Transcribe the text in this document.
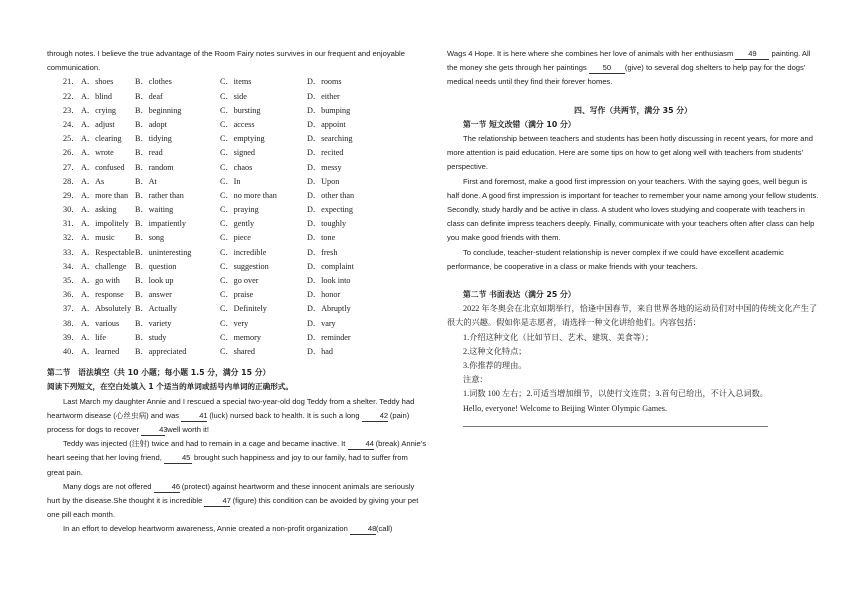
through notes. I believe the true advantage of the Room Fairy notes survives in our frequent and enjoyable communication.

21． A．shoes	B．clothes	C．items	D．rooms
22． A．blind	B．deaf	C．side	D．either
23． A．crying B．beginning	C．bursting	D．bumping
24． A．adjust B．adopt	C．access	D．appoint
25． A．clearing B．tidying	C．emptying	D．searching
26． A．wrote	B．read	C．signed	D．recited
27． A．confused B．random	C．chaos	D．messy
28． A．As	B．At	C．In	D．Upon
29． A．more than B．rather than	C．no more than	D．other than
30． A．asking B．waiting	C．praying	D．expecting
31． A．impolitely B．impatiently	C．gently	D．toughly
32． A．music B．song	C．piece	D．tone
33． A．Respectable B．uninteresting	C．incredible	D．fresh
34． A．challenge B．question	C．suggestion	D．complaint
35． A．go with B．look up	C．go over	D．look into
36． A．response B．answer	C．praise	D．honor
37． A．Absolutely B．Actually	C．Definitely	D．Abruptly
38． A．various B．variety	C．very	D．vary
39． A．life	B．study	C．memory	D．reminder
40． A．learned B．appreciated	C．shared	D．had

第二节　语法填空（共 10 小题；每小题 1.5 分，满分 15 分）

阅读下列短文，在空白处填入 1 个适当的单词或括号内单词的正确形式。

Last March my daughter Annie and I rescued a special two-year-old dog Teddy from a shelter. Teddy had heartworm disease (心丝虫病) and was 41 (luck) nursed back to health. It is such a long 42 (pain) process for dogs to recover 43 well worth it!

Teddy was injected (注射) twice and had to remain in a cage and became inactive. It 44 (break) Annie’s heart seeing that her loving friend, 45 brought such happiness and joy to our family, had to suffer from great pain.

Many dogs are not offered 46 (protect) against heartworm and these innocent animals are seriously hurt by the disease.She thought it is incredible 47 (figure) this condition can be avoided by giving your pet one pill each month.

In an effort to develop heartworm awareness, Annie created a non-profit organization 48(call)

Wags 4 Hope. It is here where she combines her love of animals with her enthusiasm 49 painting. All the money she gets through her paintings 50 (give) to several dog shelters to help pay for the dogs' medical needs until they find their forever homes.

四、写作（共两节，满分 35 分）

第一节 短文改错（满分 10 分）

The relationship between teachers and students has been hotly discussing in recent years, for more and more attention is paid education. Here are some tips on how to get along well with teachers from students' perspective.

First and foremost, make a good first impression on your teachers. With the saying goes, well begun is half done. A good first impression is important for teacher to remember your name among your fellow students. Secondly, study hardly and be active in class. A student who loves studying and cooperate with teachers in class can definite impress teachers deeply. Finally, communicate with your teachers often after class can help you make good friends with them.

To conclude, teacher-student relationship is never complex if we could have excellent academic performance, be cooperative in a class or make friends with your teachers.

第二节 书面表达（满分 25 分）

2022 年冬奥会在北京如期举行，恰逢中国春节，来自世界各地的运动员们对中国的传统文化产生了很大的兴趣。假如你是志愿者，请选择一种文化讲给他们。内容包括：

1.介绍这种文化（比如节日、艺术、建筑、美食等）；

2.这种文化特点；

3.你推荐的理由。

注意：

1.词数 100 左右；2.可适当增加细节，以使行文连贯；3.首句已给出，不计入总词数。

Hello, everyone! Welcome to Beijing Winter Olympic Games.
